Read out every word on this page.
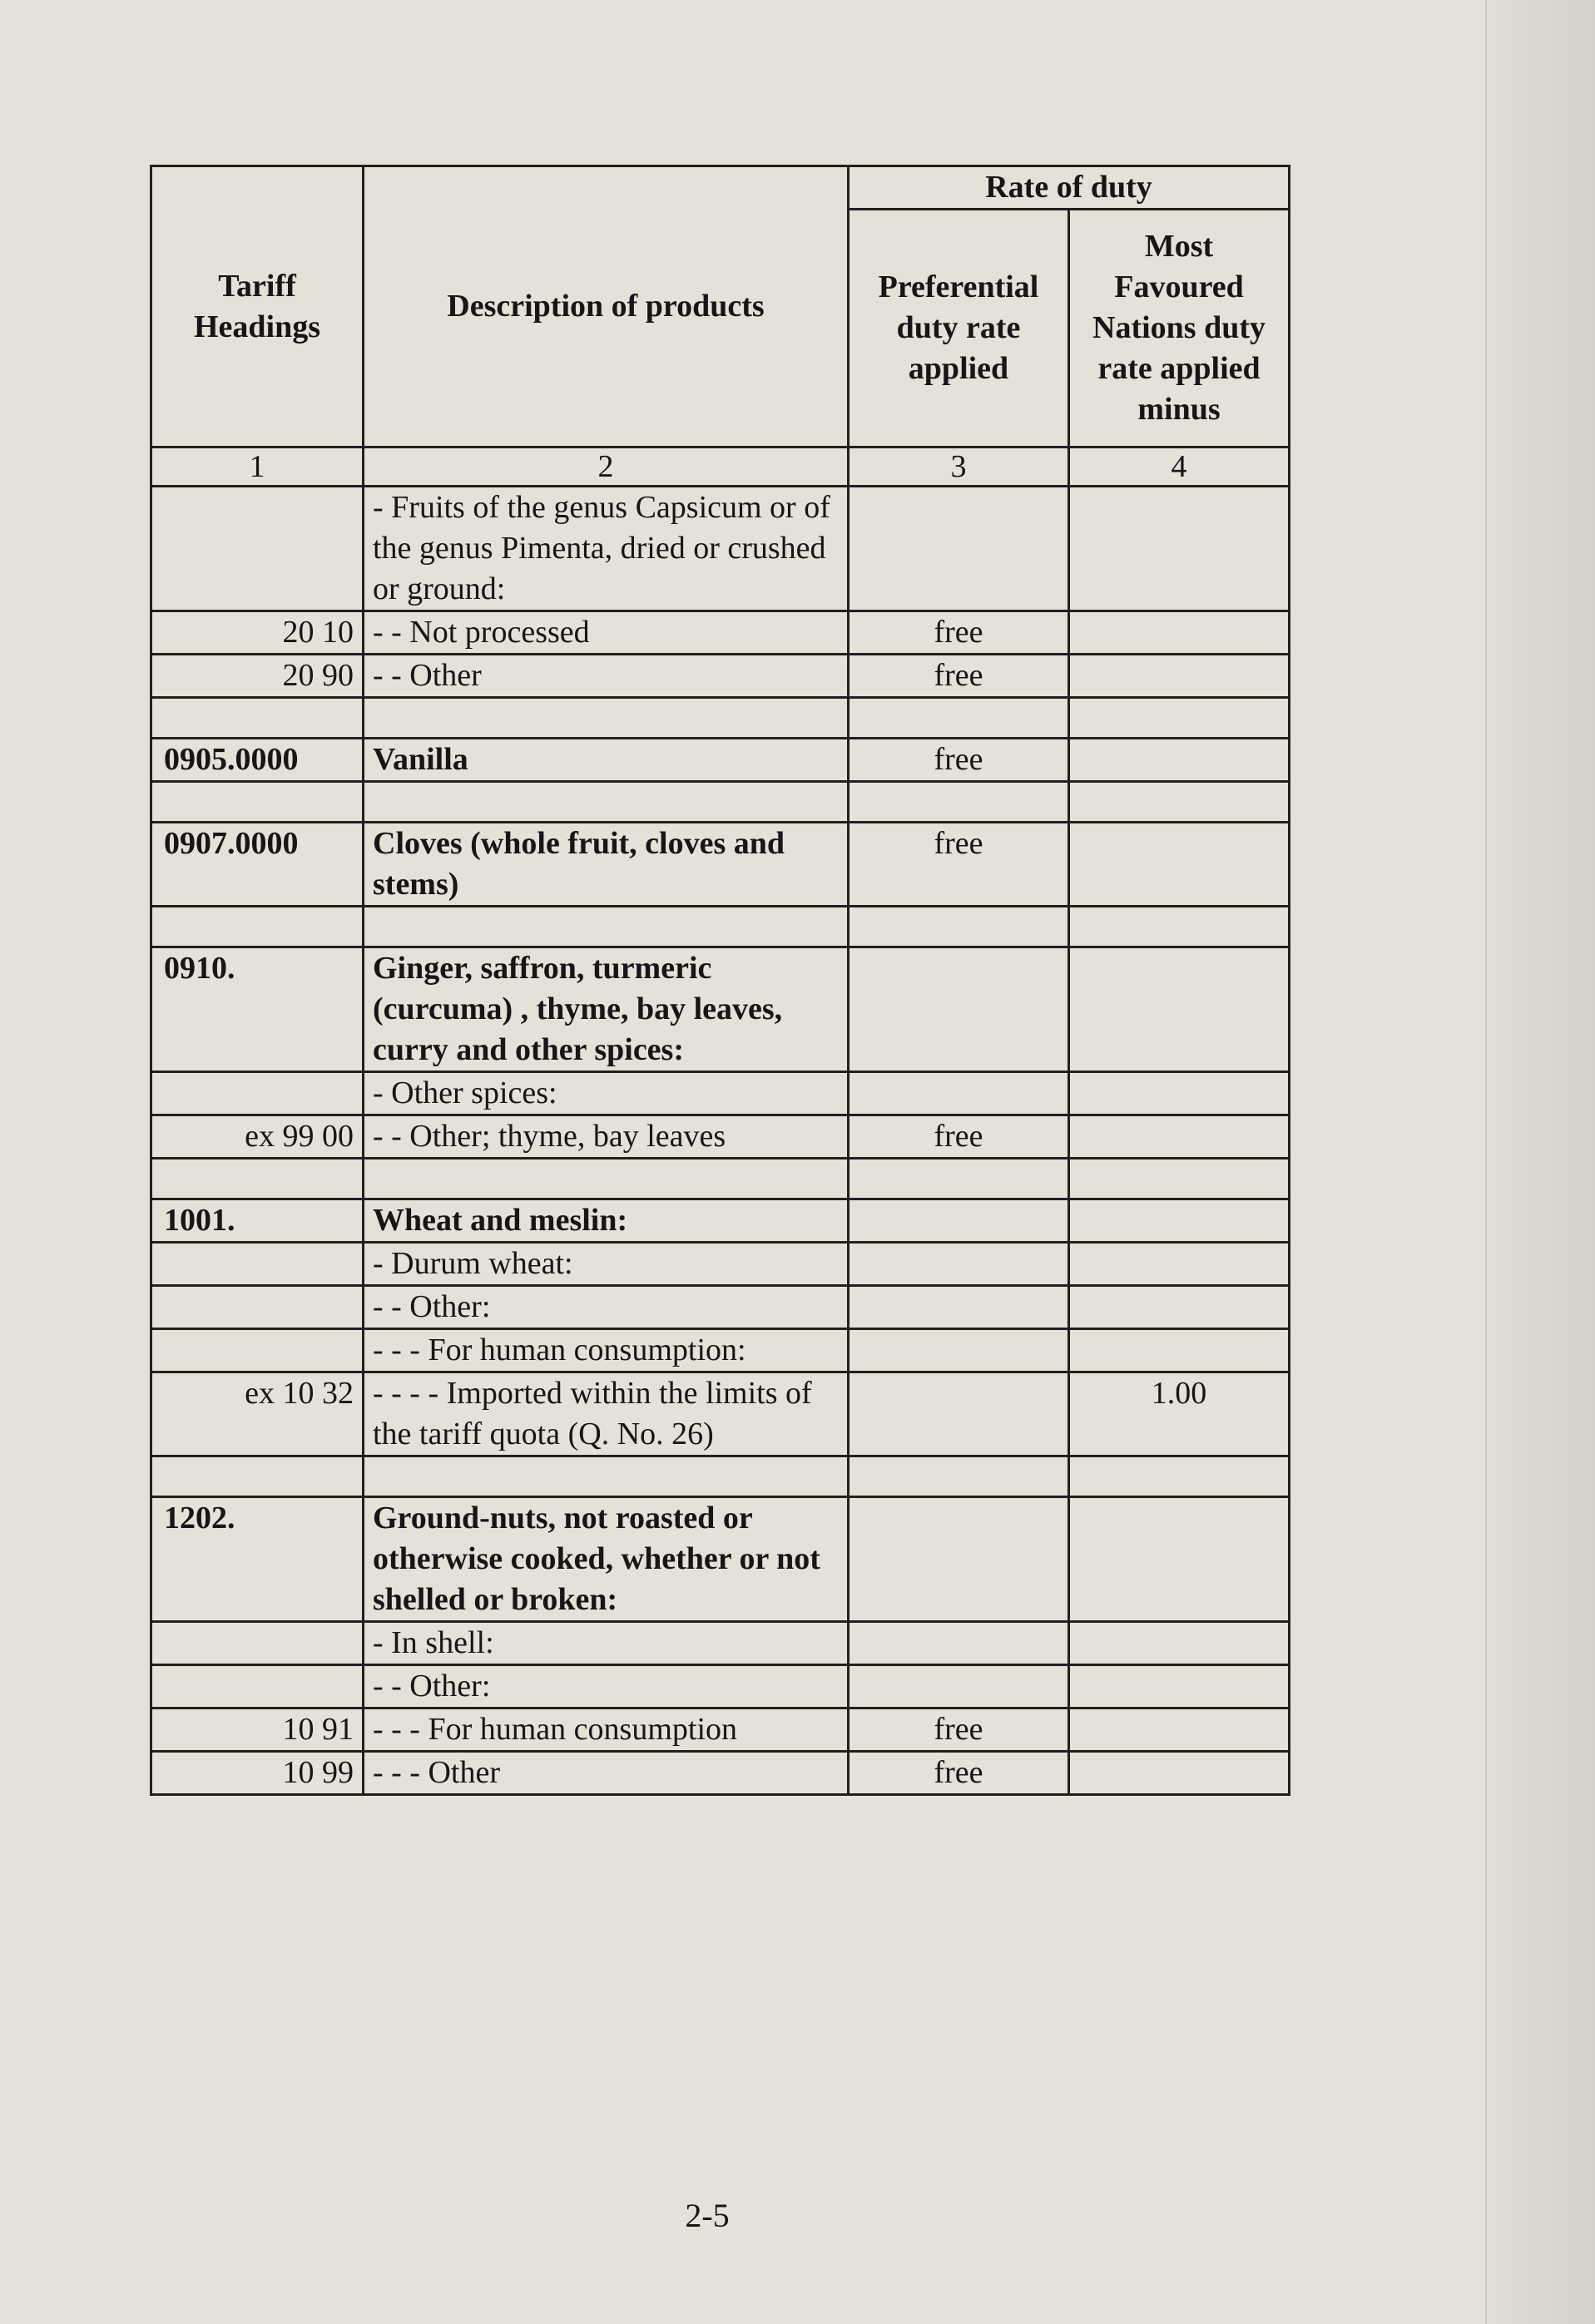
Tariff Headings	Description of products	Rate of duty	
		Preferential duty rate applied	Most Favoured Nations duty rate applied minus
1	2	3	4
	- Fruits of the genus Capsicum or of the genus Pimenta, dried or crushed or ground:		
20 10	- - Not processed	free	
20 90	- - Other	free	

0905.0000	Vanilla	free	

0907.0000	Cloves (whole fruit, cloves and stems)	free	

0910.	Ginger, saffron, turmeric (curcuma) , thyme, bay leaves, curry and other spices:		
	- Other spices:		
ex 99 00	- - Other; thyme, bay leaves	free	

1001.	Wheat and meslin:		
	- Durum wheat:		
	- - Other:		
	- - - For human consumption:		
ex 10 32	- - - - Imported within the limits of the tariff quota (Q. No. 26)		1.00

1202.	Ground-nuts, not roasted or otherwise cooked, whether or not shelled or broken:		
	- In shell:		
	- - Other:		
10 91	- - - For human consumption	free	
10 99	- - - Other	free	
2-5
